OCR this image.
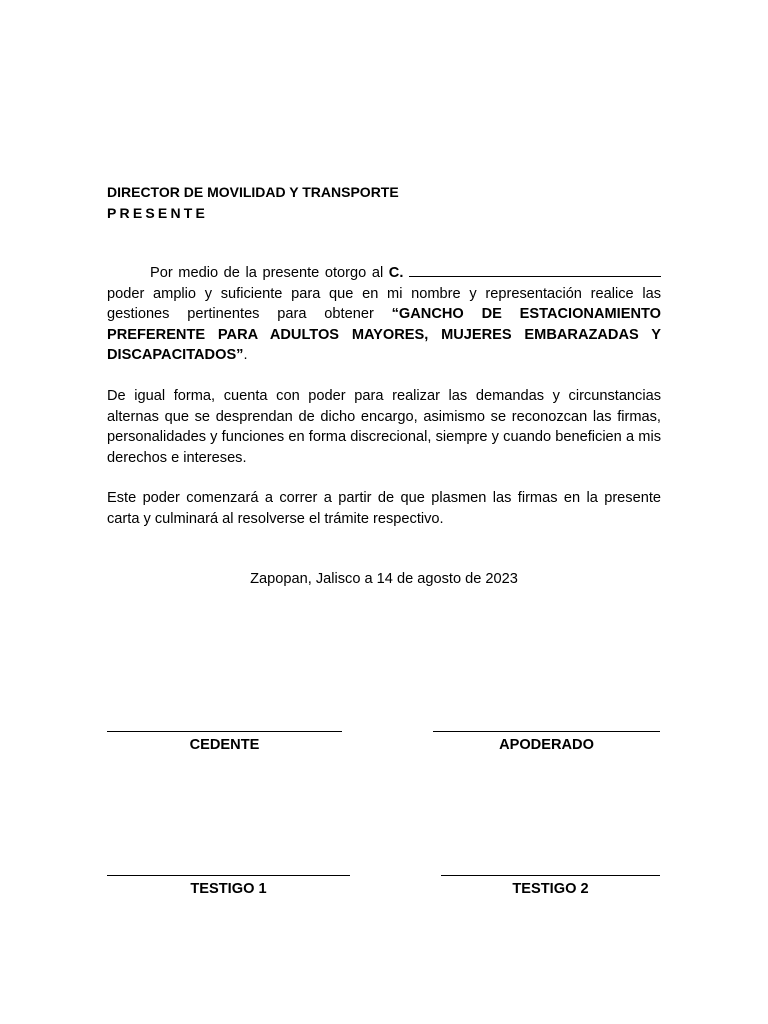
DIRECTOR DE MOVILIDAD Y TRANSPORTE
PRESENTE

Por medio de la presente otorgo al C.  poder amplio y suficiente para que en mi nombre y representación realice las gestiones pertinentes para obtener “GANCHO DE ESTACIONAMIENTO PREFERENTE PARA ADULTOS MAYORES, MUJERES EMBARAZADAS Y DISCAPACITADOS”.

De igual forma, cuenta con poder para realizar las demandas y circunstancias alternas que se desprendan de dicho encargo, asimismo se reconozcan las firmas, personalidades y funciones en forma discrecional, siempre y cuando beneficien a mis derechos e intereses.

Este poder comenzará a correr a partir de que plasmen las firmas en la presente carta y culminará al resolverse el trámite respectivo.

Zapopan, Jalisco a 14 de agosto de 2023
CEDENTE	APODERADO
TESTIGO 1	TESTIGO 2
